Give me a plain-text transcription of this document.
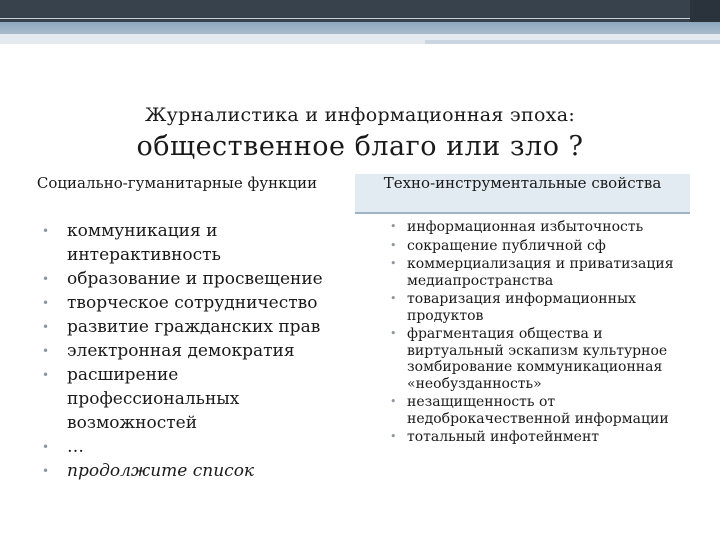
Журналистика и информационная эпоха:
общественное благо или зло ?
Социально-гуманитарные функции	Техно-инструментальные свойства
• коммуникация и интерактивность
• образование и просвещение
• творческое сотрудничество
• развитие гражданских прав
• электронная демократия
• расширение профессиональных возможностей
• …
• продолжите список
• информационная избыточность
• сокращение публичной сф
• коммерциализация и приватизация медиапространства
• товаризация информационных продуктов
• фрагментация общества и виртуальный эскапизм культурное зомбирование коммуникационная «необузданность»
• незащищенность от недоброкачественной информации
• тотальный инфотейнмент
